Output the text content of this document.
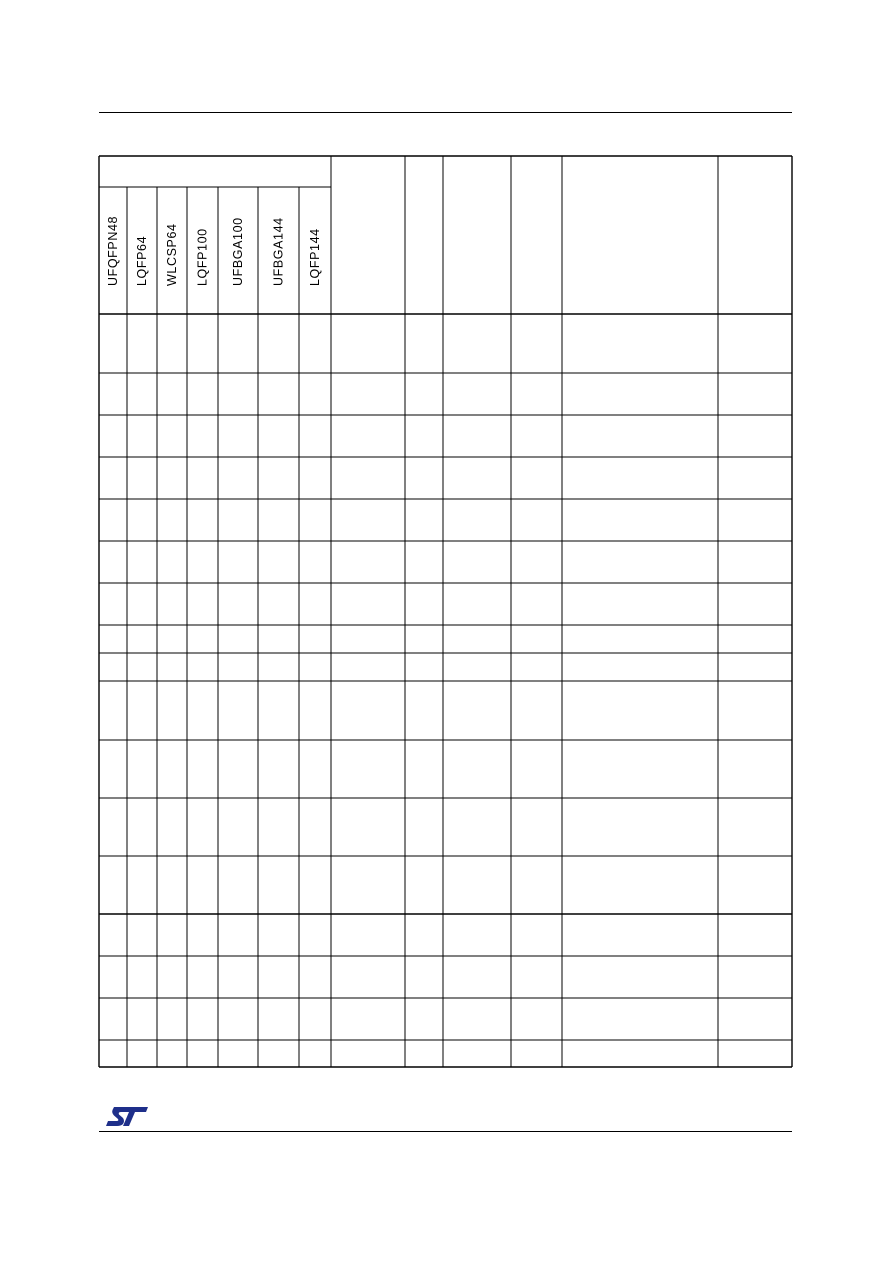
UFQFPN48 LQFP64 WLCSP64 LQFP100 UFBGA100 UFBGA144 LQFP144
